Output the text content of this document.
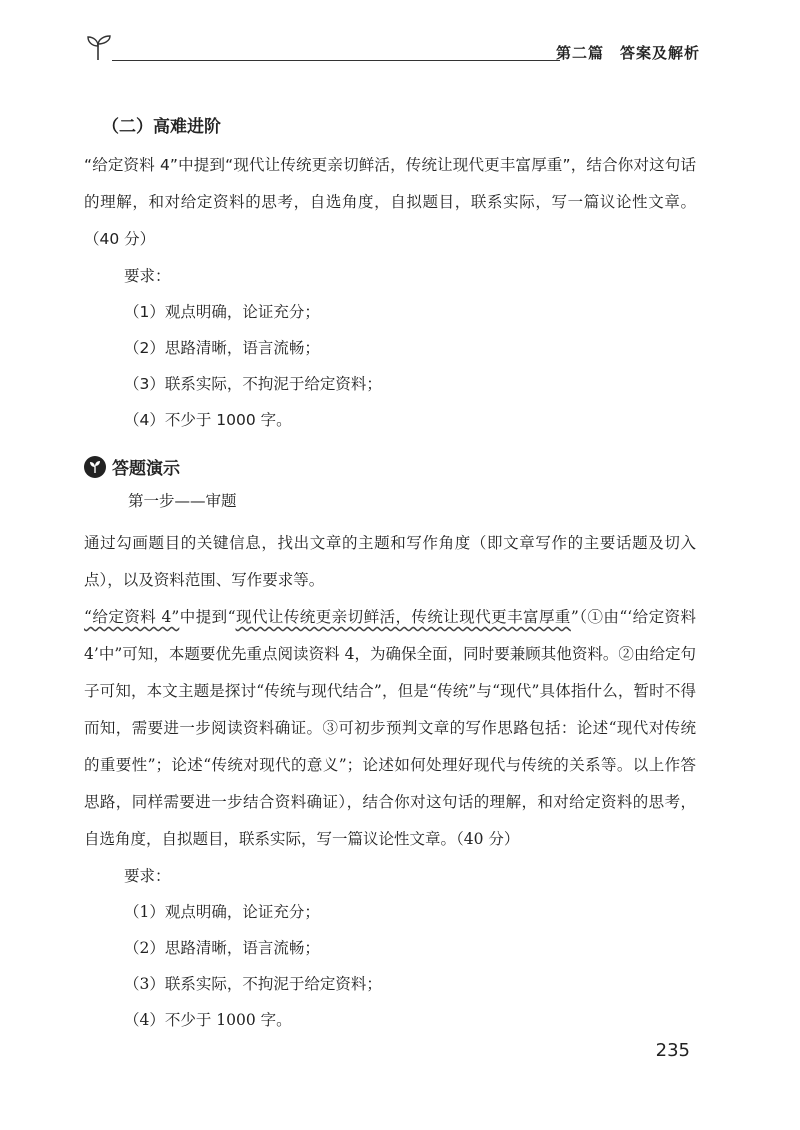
第二篇　答案及解析
（二）高难进阶

“给定资料 4”中提到“现代让传统更亲切鲜活，传统让现代更丰富厚重”，结合你对这句话的理解，和对给定资料的思考，自选角度，自拟题目，联系实际，写一篇议论性文章。（40 分）

要求：

（1）观点明确，论证充分；

（2）思路清晰，语言流畅；

（3）联系实际，不拘泥于给定资料；

（4）不少于 1000 字。

答题演示

第一步——审题

通过勾画题目的关键信息，找出文章的主题和写作角度（即文章写作的主要话题及切入点），以及资料范围、写作要求等。

“给定资料 4”中提到“现代让传统更亲切鲜活，传统让现代更丰富厚重”（①由“‘给定资料 4’中”可知，本题要优先重点阅读资料 4，为确保全面，同时要兼顾其他资料。②由给定句子可知，本文主题是探讨“传统与现代结合”，但是“传统”与“现代”具体指什么，暂时不得而知，需要进一步阅读资料确证。③可初步预判文章的写作思路包括：论述“现代对传统的重要性”；论述“传统对现代的意义”；论述如何处理好现代与传统的关系等。以上作答思路，同样需要进一步结合资料确证），结合你对这句话的理解，和对给定资料的思考，自选角度，自拟题目，联系实际，写一篇议论性文章。（40 分）

要求：

（1）观点明确，论证充分；

（2）思路清晰，语言流畅；

（3）联系实际，不拘泥于给定资料；

（4）不少于 1000 字。

235
